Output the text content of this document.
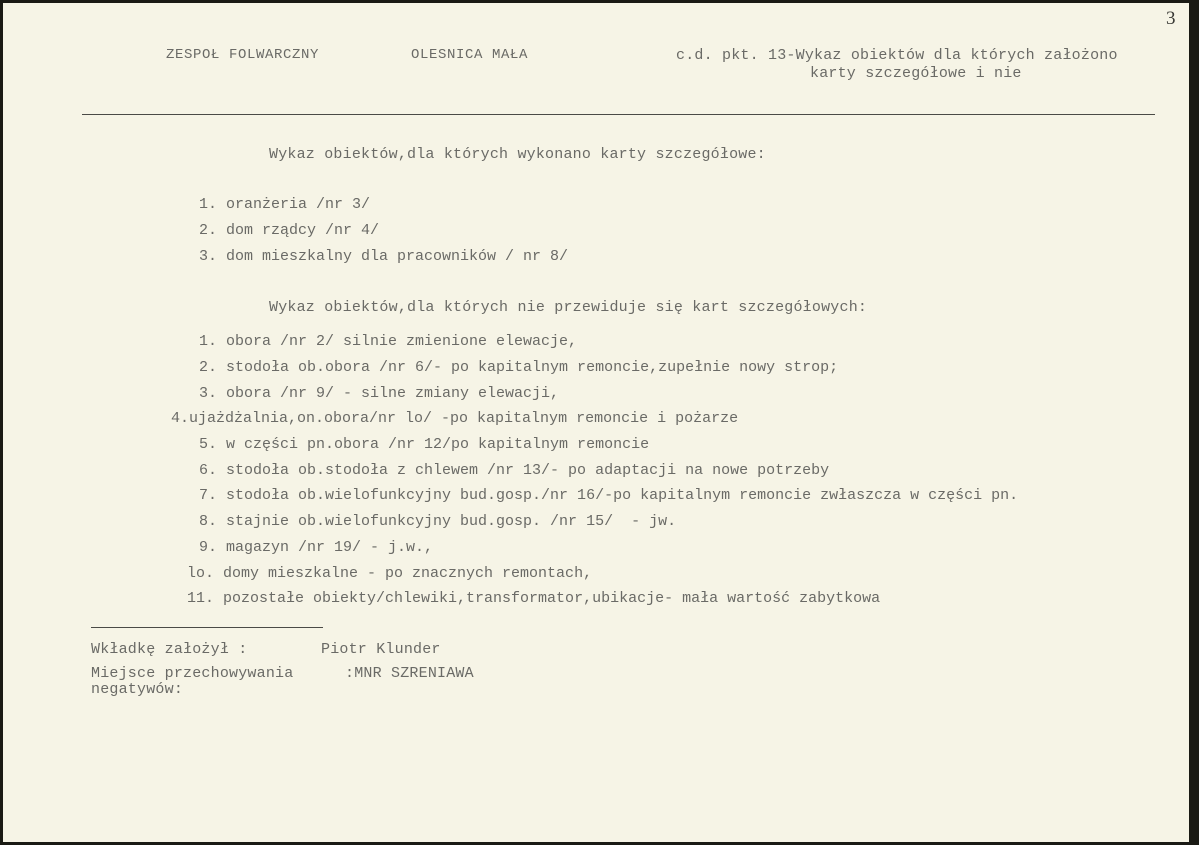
3
ZESPOŁ FOLWARCZNY	OLESNICA MAŁA	c.d. pkt. 13-Wykaz obiektów dla których założono
karty szczegółowe i nie
Wykaz obiektów,dla których wykonano karty szczegółowe:
1. oranżeria /nr 3/
2. dom rządcy /nr 4/
3. dom mieszkalny dla pracowników / nr 8/
Wykaz obiektów,dla których nie przewiduje się kart szczegółowych:
1. obora /nr 2/ silnie zmienione elewacje,
2. stodoła ob.obora /nr 6/- po kapitalnym remoncie,zupełnie nowy strop;
3. obora /nr 9/ - silne zmiany elewacji,
4.ujażdżalnia,on.obora/nr lo/ -po kapitalnym remoncie i pożarze
5. w części pn.obora /nr 12/po kapitalnym remoncie
6. stodoła ob.stodoła z chlewem /nr 13/- po adaptacji na nowe potrzeby
7. stodoła ob.wielofunkcyjny bud.gosp./nr 16/-po kapitalnym remoncie zwłaszcza w części pn.
8. stajnie ob.wielofunkcyjny bud.gosp. /nr 15/  - jw.
9. magazyn /nr 19/ - j.w.,
lo. domy mieszkalne - po znacznych remontach,
11. pozostałe obiekty/chlewiki,transformator,ubikacje- mała wartość zabytkowa
Wkładkę założył :	Piotr Klunder
Miejsce przechowywania	:MNR SZRENIAWA
negatywów:
